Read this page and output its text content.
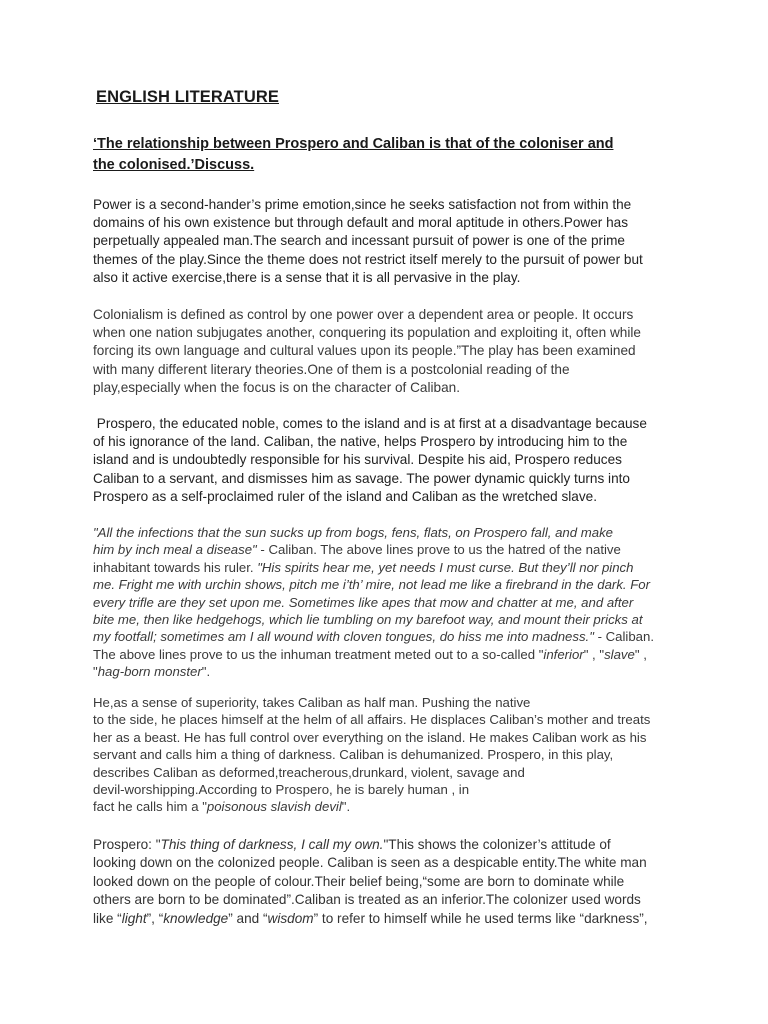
ENGLISH LITERATURE

‘The relationship between Prospero and Caliban is that of the coloniser and
the colonised.’Discuss.

Power is a second-hander’s prime emotion,since he seeks satisfaction not from within the
domains of his own existence but through default and moral aptitude in others.Power has
perpetually appealed man.The search and incessant pursuit of power is one of the prime
themes of the play.Since the theme does not restrict itself merely to the pursuit of power but
also it active exercise,there is a sense that it is all pervasive in the play.

Colonialism is defined as control by one power over a dependent area or people. It occurs
when one nation subjugates another, conquering its population and exploiting it, often while
forcing its own language and cultural values upon its people.”The play has been examined
with many different literary theories.One of them is a postcolonial reading of the
play,especially when the focus is on the character of Caliban.

Prospero, the educated noble, comes to the island and is at first at a disadvantage because
of his ignorance of the land. Caliban, the native, helps Prospero by introducing him to the
island and is undoubtedly responsible for his survival. Despite his aid, Prospero reduces
Caliban to a servant, and dismisses him as savage. The power dynamic quickly turns into
Prospero as a self-proclaimed ruler of the island and Caliban as the wretched slave.

"All the infections that the sun sucks up from bogs, fens, flats, on Prospero fall, and make
him by inch meal a disease" - Caliban. The above lines prove to us the hatred of the native
inhabitant towards his ruler. "His spirits hear me, yet needs I must curse. But they’ll nor pinch
me. Fright me with urchin shows, pitch me i’th’ mire, not lead me like a firebrand in the dark. For
every trifle are they set upon me. Sometimes like apes that mow and chatter at me, and after
bite me, then like hedgehogs, which lie tumbling on my barefoot way, and mount their pricks at
my footfall; sometimes am I all wound with cloven tongues, do hiss me into madness." - Caliban.
The above lines prove to us the inhuman treatment meted out to a so-called "inferior" , "slave" ,
"hag-born monster".

He,as a sense of superiority, takes Caliban as half man. Pushing the native
to the side, he places himself at the helm of all affairs. He displaces Caliban’s mother and treats
her as a beast. He has full control over everything on the island. He makes Caliban work as his
servant and calls him a thing of darkness. Caliban is dehumanized. Prospero, in this play,
describes Caliban as deformed,treacherous,drunkard, violent, savage and
devil-worshipping.According to Prospero, he is barely human , in
fact he calls him a "poisonous slavish devil".

Prospero: "This thing of darkness, I call my own."This shows the colonizer’s attitude of
looking down on the colonized people. Caliban is seen as a despicable entity.The white man
looked down on the people of colour.Their belief being,“some are born to dominate while
others are born to be dominated”.Caliban is treated as an inferior.The colonizer used words
like “light”, “knowledge” and “wisdom” to refer to himself while he used terms like “darkness”,
